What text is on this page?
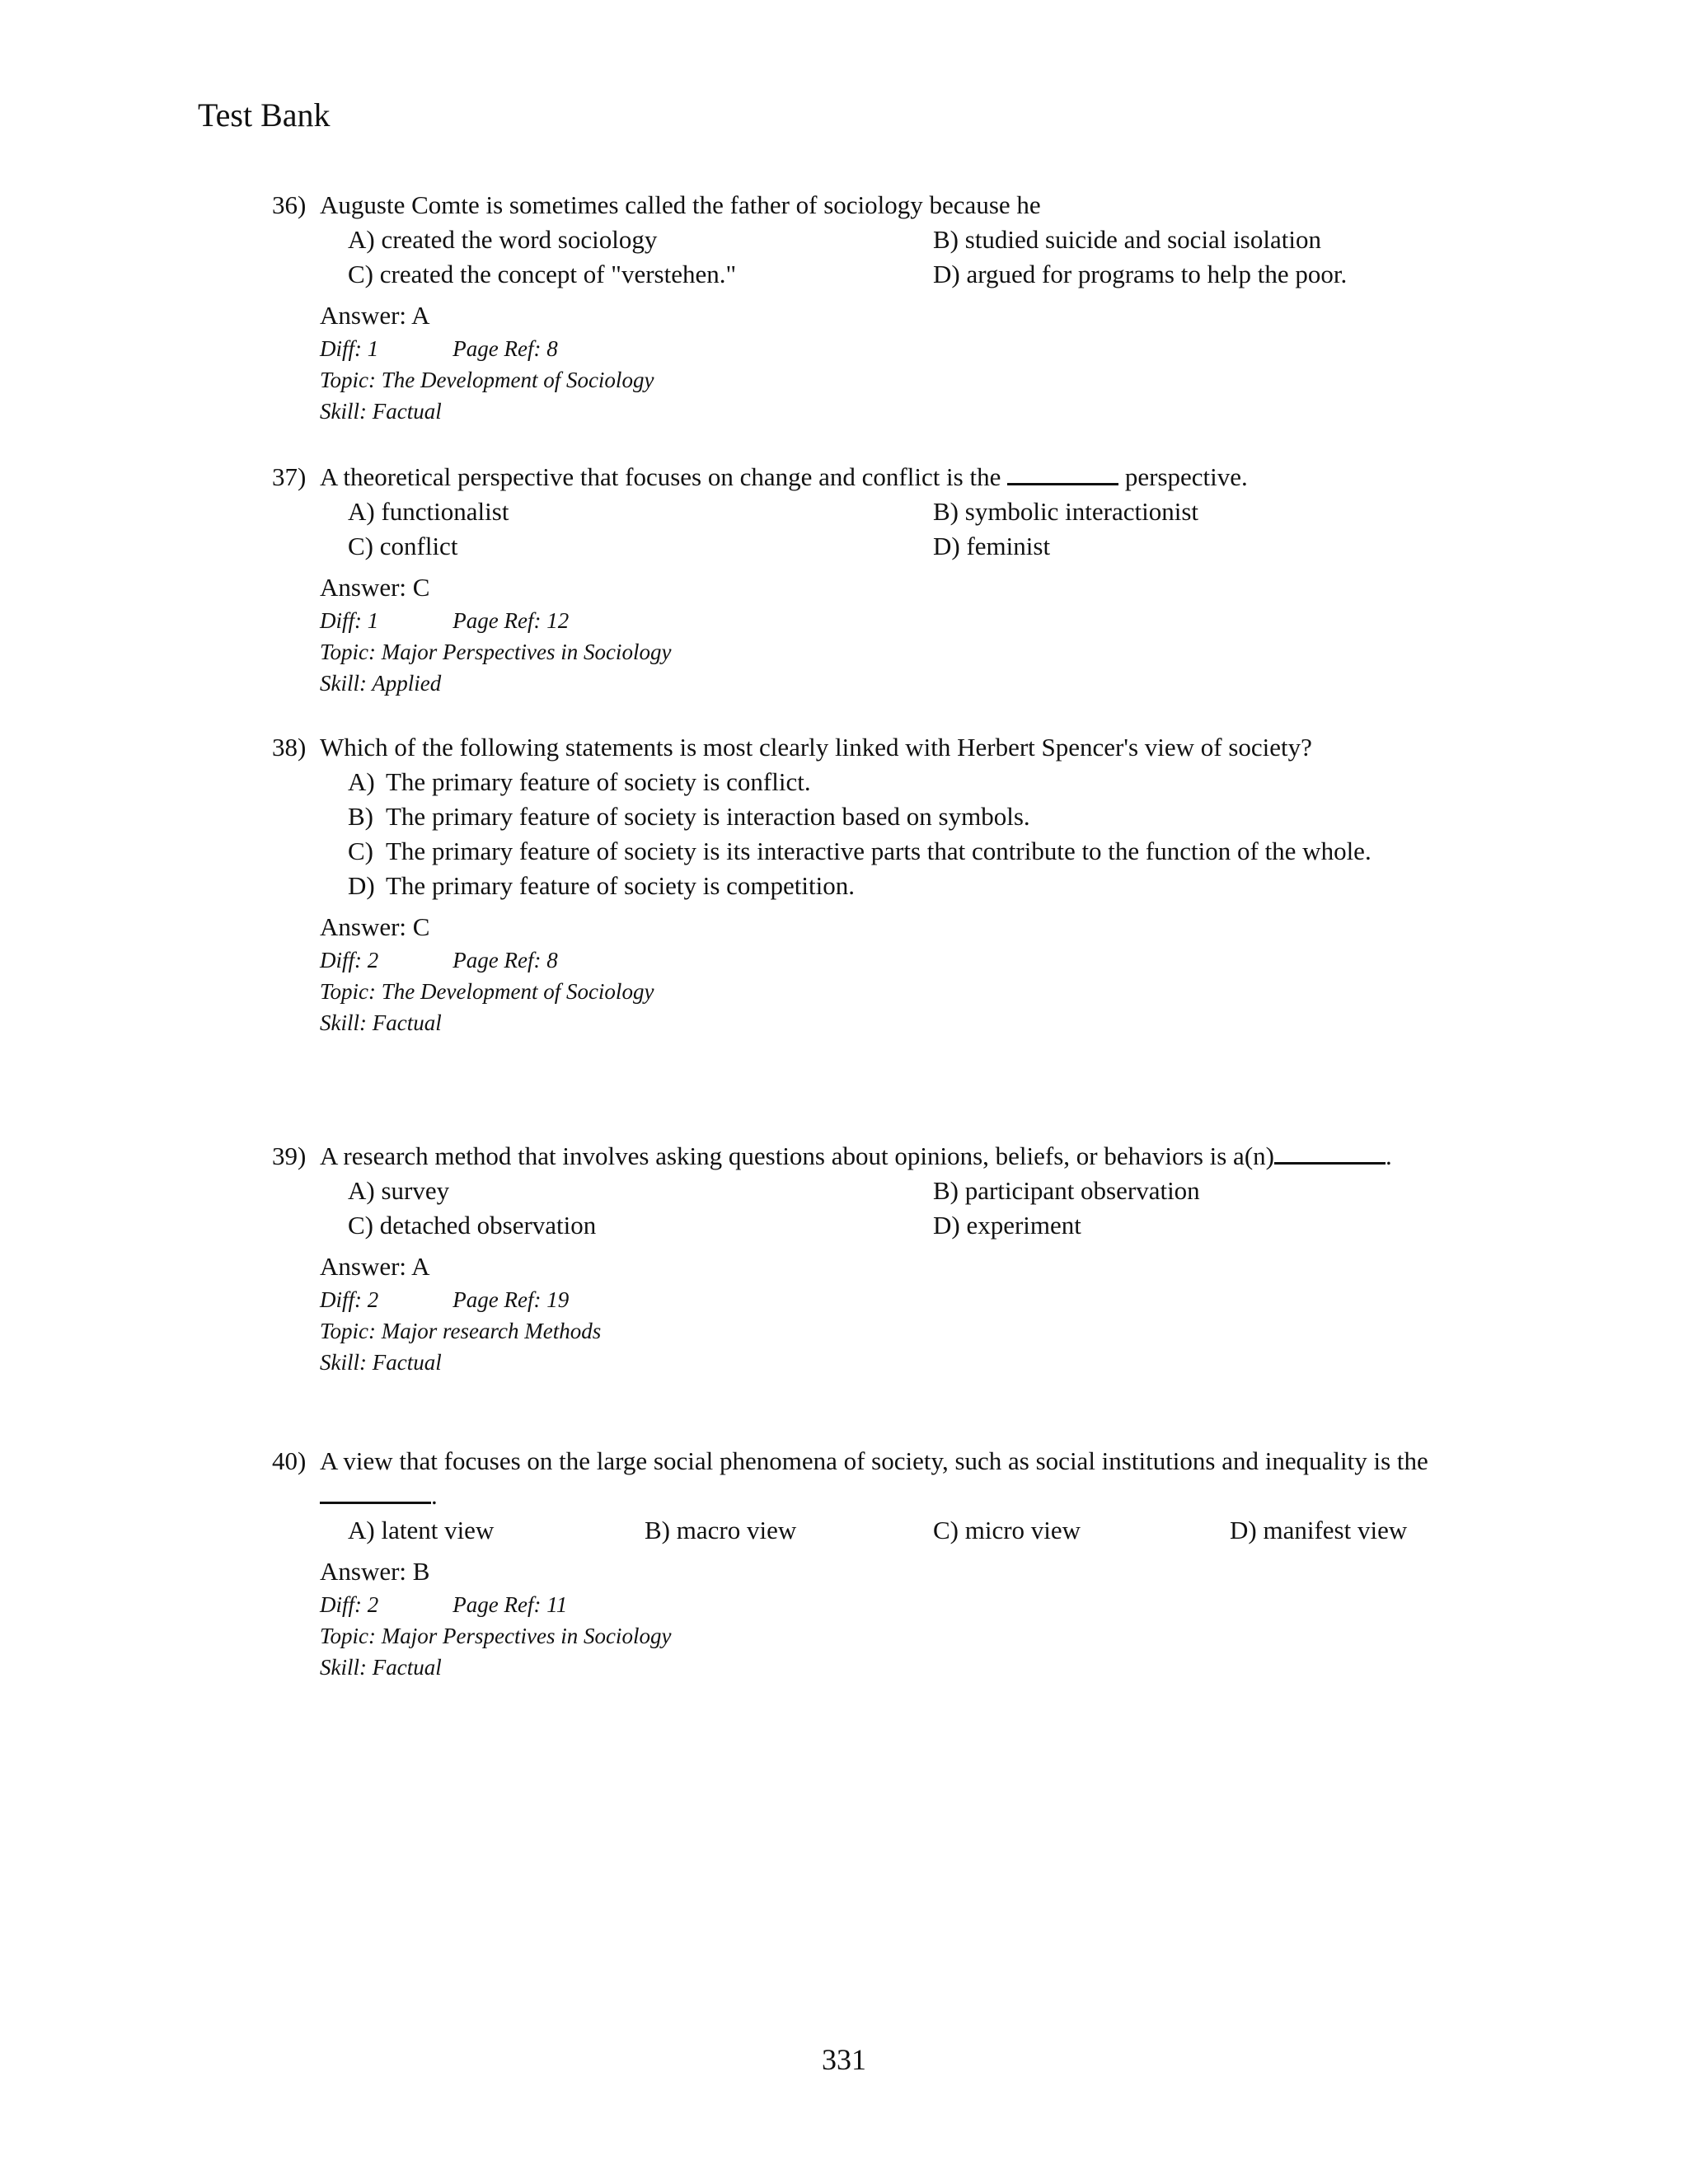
Test Bank
36) Auguste Comte is sometimes called the father of sociology because he
A) created the word sociology	B) studied suicide and social isolation
C) created the concept of "verstehen."	D) argued for programs to help the poor.
Answer: A
Diff: 1	Page Ref: 8
Topic: The Development of Sociology
Skill: Factual
37) A theoretical perspective that focuses on change and conflict is the	perspective.
A) functionalist	B) symbolic interactionist
C) conflict	D) feminist
Answer: C
Diff: 1	Page Ref: 12
Topic: Major Perspectives in Sociology
Skill: Applied
38) Which of the following statements is most clearly linked with Herbert Spencer's view of society?
A) The primary feature of society is conflict.
B) The primary feature of society is interaction based on symbols.
C) The primary feature of society is its interactive parts that contribute to the function of the whole.
D) The primary feature of society is competition.
Answer: C
Diff: 2	Page Ref: 8
Topic: The Development of Sociology
Skill: Factual
39) A research method that involves asking questions about opinions, beliefs, or behaviors is a(n)	.
A) survey	B) participant observation
C) detached observation	D) experiment
Answer: A
Diff: 2	Page Ref: 19
Topic: Major research Methods
Skill: Factual
40) A view that focuses on the large social phenomena of society, such as social institutions and inequality is the .
A) latent view	B) macro view	C) micro view	D) manifest view
Answer: B
Diff: 2	Page Ref: 11
Topic: Major Perspectives in Sociology
Skill: Factual
331
